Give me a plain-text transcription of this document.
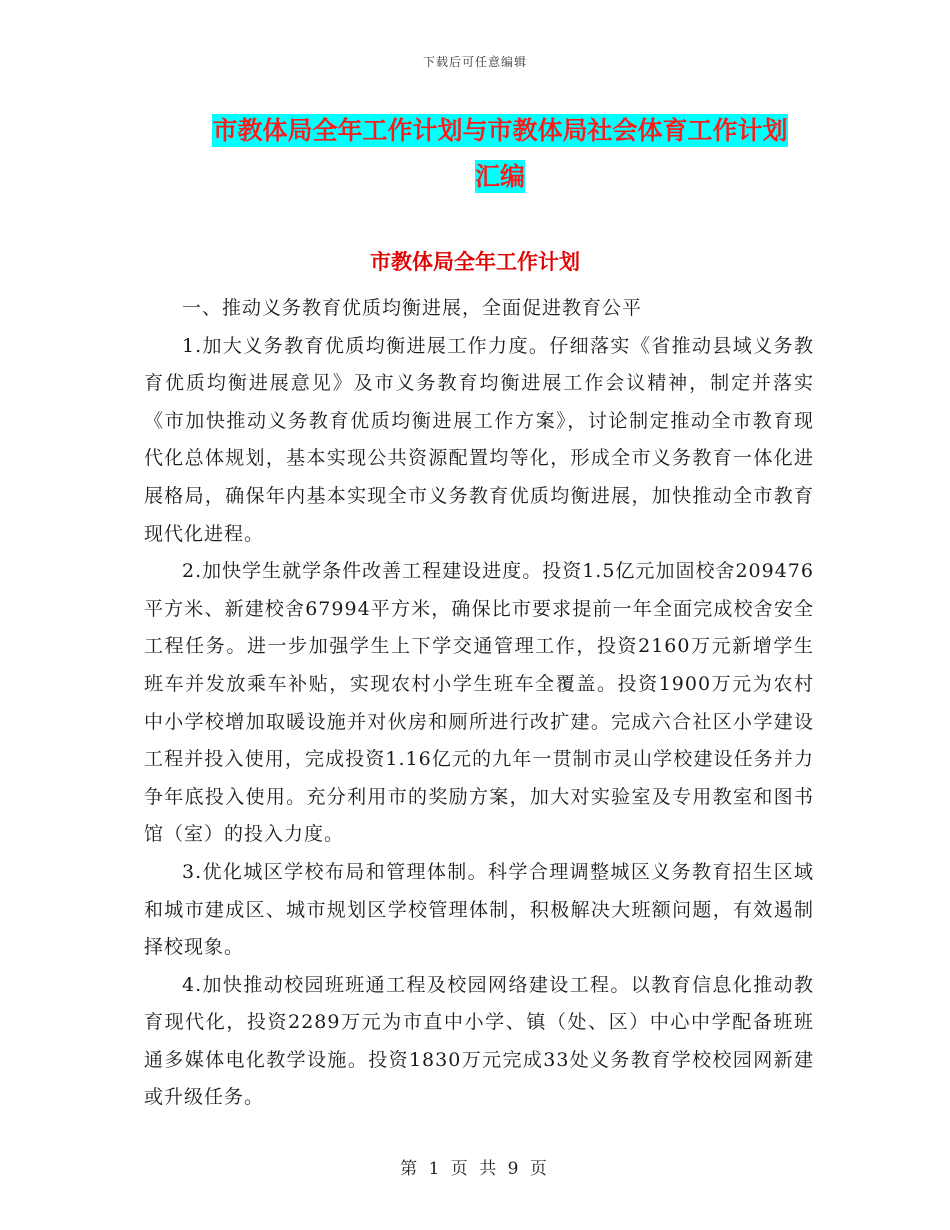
下载后可任意编辑
市教体局全年工作计划与市教体局社会体育工作计划
汇编
市教体局全年工作计划

一、推动义务教育优质均衡进展，全面促进教育公平

1.加大义务教育优质均衡进展工作力度。仔细落实《省推动县域义务教育优质均衡进展意见》及市义务教育均衡进展工作会议精神，制定并落实《市加快推动义务教育优质均衡进展工作方案》，讨论制定推动全市教育现代化总体规划，基本实现公共资源配置均等化，形成全市义务教育一体化进展格局，确保年内基本实现全市义务教育优质均衡进展，加快推动全市教育现代化进程。

2.加快学生就学条件改善工程建设进度。投资1.5亿元加固校舍209476平方米、新建校舍67994平方米，确保比市要求提前一年全面完成校舍安全工程任务。进一步加强学生上下学交通管理工作，投资2160万元新增学生班车并发放乘车补贴，实现农村小学生班车全覆盖。投资1900万元为农村中小学校增加取暖设施并对伙房和厕所进行改扩建。完成六合社区小学建设工程并投入使用，完成投资1.16亿元的九年一贯制市灵山学校建设任务并力争年底投入使用。充分利用市的奖励方案，加大对实验室及专用教室和图书馆（室）的投入力度。

3.优化城区学校布局和管理体制。科学合理调整城区义务教育招生区域和城市建成区、城市规划区学校管理体制，积极解决大班额问题，有效遏制择校现象。

4.加快推动校园班班通工程及校园网络建设工程。以教育信息化推动教育现代化，投资2289万元为市直中小学、镇（处、区）中心中学配备班班通多媒体电化教学设施。投资1830万元完成33处义务教育学校校园网新建或升级任务。

第 1 页 共 9 页
